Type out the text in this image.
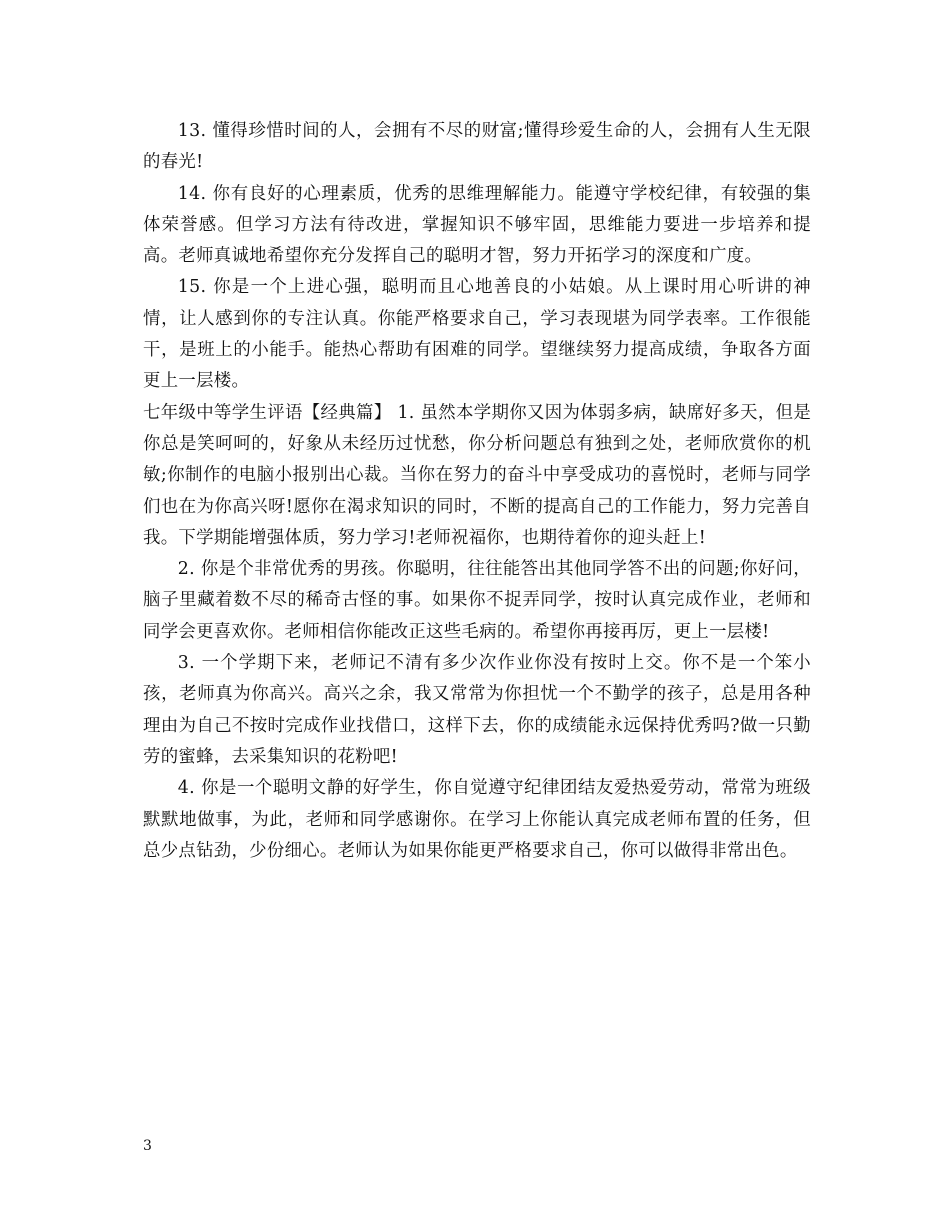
13. 懂得珍惜时间的人，会拥有不尽的财富;懂得珍爱生命的人，会拥有人生无限的春光!

14. 你有良好的心理素质，优秀的思维理解能力。能遵守学校纪律，有较强的集体荣誉感。但学习方法有待改进，掌握知识不够牢固，思维能力要进一步培养和提高。老师真诚地希望你充分发挥自己的聪明才智，努力开拓学习的深度和广度。

15. 你是一个上进心强，聪明而且心地善良的小姑娘。从上课时用心听讲的神情，让人感到你的专注认真。你能严格要求自己，学习表现堪为同学表率。工作很能干，是班上的小能手。能热心帮助有困难的同学。望继续努力提高成绩，争取各方面更上一层楼。

七年级中等学生评语【经典篇】 1. 虽然本学期你又因为体弱多病，缺席好多天，但是你总是笑呵呵的，好象从未经历过忧愁，你分析问题总有独到之处，老师欣赏你的机敏;你制作的电脑小报别出心裁。当你在努力的奋斗中享受成功的喜悦时，老师与同学们也在为你高兴呀!愿你在渴求知识的同时，不断的提高自己的工作能力，努力完善自我。下学期能增强体质，努力学习!老师祝福你，也期待着你的迎头赶上!

2. 你是个非常优秀的男孩。你聪明，往往能答出其他同学答不出的问题;你好问，脑子里藏着数不尽的稀奇古怪的事。如果你不捉弄同学，按时认真完成作业，老师和同学会更喜欢你。老师相信你能改正这些毛病的。希望你再接再厉，更上一层楼!

3. 一个学期下来，老师记不清有多少次作业你没有按时上交。你不是一个笨小孩，老师真为你高兴。高兴之余，我又常常为你担忧一个不勤学的孩子，总是用各种理由为自己不按时完成作业找借口，这样下去，你的成绩能永远保持优秀吗?做一只勤劳的蜜蜂，去采集知识的花粉吧!

4. 你是一个聪明文静的好学生，你自觉遵守纪律团结友爱热爱劳动，常常为班级默默地做事，为此，老师和同学感谢你。在学习上你能认真完成老师布置的任务，但总少点钻劲，少份细心。老师认为如果你能更严格要求自己，你可以做得非常出色。

3
